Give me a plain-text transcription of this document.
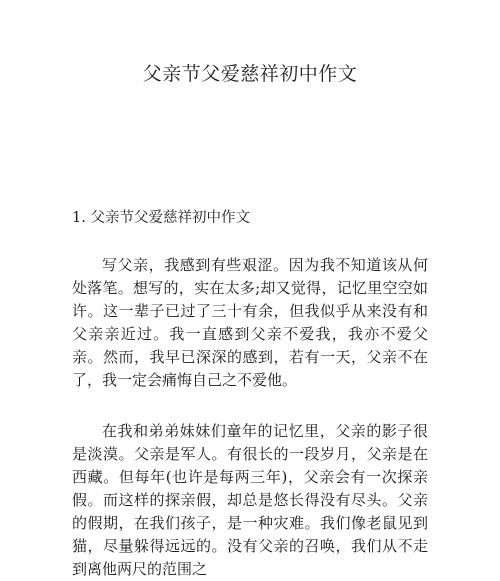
父亲节父爱慈祥初中作文
1. 父亲节父爱慈祥初中作文

写父亲，我感到有些艰涩。因为我不知道该从何处落笔。想写的，实在太多;却又觉得，记忆里空空如许。这一辈子已过了三十有余，但我似乎从来没有和父亲亲近过。我一直感到父亲不爱我，我亦不爱父亲。然而，我早已深深的感到，若有一天，父亲不在了，我一定会痛悔自己之不爱他。

在我和弟弟妹妹们童年的记忆里，父亲的影子很是淡漠。父亲是军人。有很长的一段岁月，父亲是在西藏。但每年(也许是每两三年)，父亲会有一次探亲假。而这样的探亲假，却总是悠长得没有尽头。父亲的假期，在我们孩子，是一种灾难。我们像老鼠见到猫，尽量躲得远远的。没有父亲的召唤，我们从不走到离他两尺的范围之
